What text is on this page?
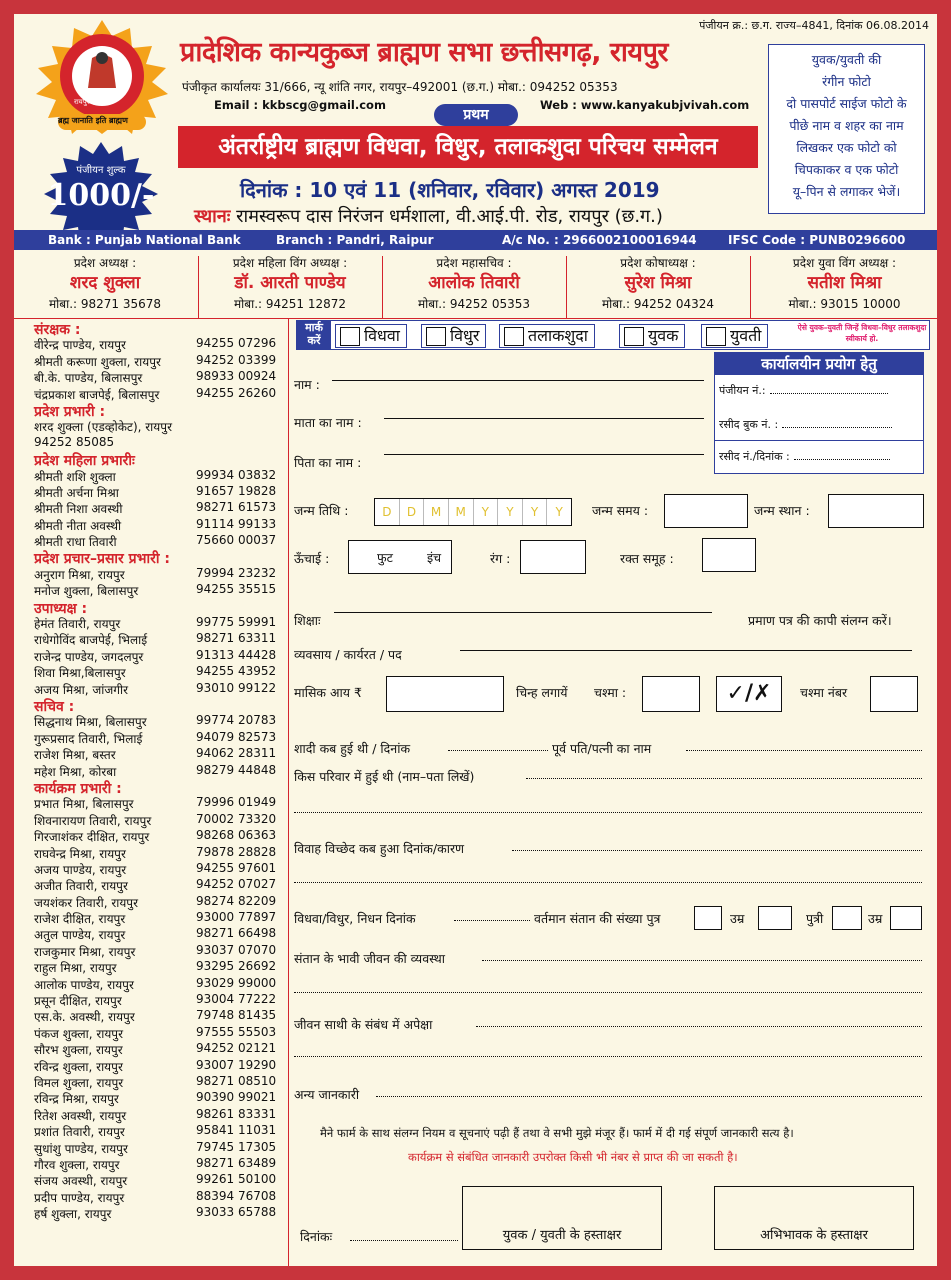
पंजीयन क्र.: छ.ग. राज्य–4841, दिनांक 06.08.2014
रायपुर (छ.ग.)
ब्रह्म जानाति इति ब्राह्मण
प्रादेशिक कान्यकुब्ज ब्राह्मण सभा छत्तीसगढ़, रायपुर
पंजीकृत कार्यालयः 31/666, न्यू शांति नगर, रायपुर–492001 (छ.ग.) मोबा.: 094252 05353
Email : kkbscg@gmail.com	Web : www.kanyakubjvivah.com
प्रथम
अंतर्राष्ट्रीय ब्राह्मण विधवा, विधुर, तलाकशुदा परिचय सम्मेलन
दिनांक : 10 एवं 11 (शनिवार, रविवार) अगस्त 2019
स्थानः रामस्वरूप दास निरंजन धर्मशाला, वी.आई.पी. रोड, रायपुर (छ.ग.)
युवक/युवती की
रंगीन फोटो
दो पासपोर्ट साईज फोटो के
पीछे नाम व शहर का नाम
लिखकर एक फोटो को
चिपकाकर व एक फोटो
यू–पिन से लगाकर भेजें।
पंजीयन शुल्क
1000/-
Bank : Punjab National Bank	Branch : Pandri, Raipur	A/c No. : 2966002100016944	IFSC Code : PUNB0296600
प्रदेश अध्यक्ष :
शरद शुक्ला
मोबा.: 98271 35678
प्रदेश महिला विंग अध्यक्ष :
डॉ. आरती पाण्डेय
मोबा.: 94251 12872
प्रदेश महासचिव :
आलोक तिवारी
मोबा.: 94252 05353
प्रदेश कोषाध्यक्ष :
सुरेश मिश्रा
मोबा.: 94252 04324
प्रदेश युवा विंग अध्यक्ष :
सतीश मिश्रा
मोबा.: 93015 10000
संरक्षक :
वीरेन्द्र पाण्डेय, रायपुर	94255 07296
श्रीमती करूणा शुक्ला, रायपुर	94252 03399
बी.के. पाण्डेय, बिलासपुर	98933 00924
चंद्रप्रकाश बाजपेई, बिलासपुर	94255 26260
प्रदेश प्रभारी :
शरद शुक्ला (एडव्होकेट), रायपुर
94252 85085
प्रदेश महिला प्रभारीः
श्रीमती शशि शुक्ला	99934 03832
श्रीमती अर्चना मिश्रा	91657 19828
श्रीमती निशा अवस्थी	98271 61573
श्रीमती नीता अवस्थी	91114 99133
श्रीमती राधा तिवारी	75660 00037
प्रदेश प्रचार–प्रसार प्रभारी :
अनुराग मिश्रा, रायपुर	79994 23232
मनोज शुक्ला, बिलासपुर	94255 35515
उपाध्यक्ष :
हेमंत तिवारी, रायपुर	99775 59991
राधेगोविंद बाजपेई, भिलाई	98271 63311
राजेन्द्र पाण्डेय, जगदलपुर	91313 44428
शिवा मिश्रा,बिलासपुर	94255 43952
अजय मिश्रा, जांजगीर	93010 99122
सचिव :
सिद्धनाथ मिश्रा, बिलासपुर	99774 20783
गुरूप्रसाद तिवारी, भिलाई	94079 82573
राजेश मिश्रा, बस्तर	94062 28311
महेश मिश्रा, कोरबा	98279 44848
कार्यक्रम प्रभारी :
प्रभात मिश्रा, बिलासपुर	79996 01949
शिवनारायण तिवारी, रायपुर	70002 73320
गिरजाशंकर दीक्षित, रायपुर	98268 06363
राघवेन्द्र मिश्रा, रायपुर	79878 28828
अजय पाण्डेय, रायपुर	94255 97601
अजीत तिवारी, रायपुर	94252 07027
जयशंकर तिवारी, रायपुर	98274 82209
राजेश दीक्षित, रायपुर	93000 77897
अतुल पाण्डेय, रायपुर	98271 66498
राजकुमार मिश्रा, रायपुर	93037 07070
राहुल मिश्रा, रायपुर	93295 26692
आलोक पाण्डेय, रायपुर	93029 99000
प्रसून दीक्षित, रायपुर	93004 77222
एस.के. अवस्थी, रायपुर	79748 81435
पंकज शुक्ला, रायपुर	97555 55503
सौरभ शुक्ला, रायपुर	94252 02121
रविन्द्र शुक्ला, रायपुर	93007 19290
विमल शुक्ला, रायपुर	98271 08510
रविन्द्र मिश्रा, रायपुर	90390 99021
रितेश अवस्थी, रायपुर	98261 83331
प्रशांत तिवारी, रायपुर	95841 11031
सुधांशु पाण्डेय, रायपुर	79745 17305
गौरव शुक्ला, रायपुर	98271 63489
संजय अवस्थी, रायपुर	99261 50100
प्रदीप पाण्डेय, रायपुर	88394 76708
हर्ष शुक्ला, रायपुर	93033 65788
मार्क
करें	विधवा	विधुर	तलाकशुदा	युवक	युवती	ऐसे युवक–युवती जिन्हें विधवा–विधुर तलाकशुदा स्वीकार्य हो.
कार्यालयीन प्रयोग हेतु
पंजीयन नं.:
रसीद बुक नं. :
रसीद नं./दिनांक :
नाम :
माता का नाम :
पिता का नाम :
जन्म तिथि :	D	D	M	M	Y	Y	Y	Y	जन्म समय :	जन्म स्थान :
ऊँचाई :	फुट	इंच	रंग :	रक्त समूह :
शिक्षाः	प्रमाण पत्र की कापी संलग्न करें।
व्यवसाय / कार्यरत / पद
मासिक आय ₹	चिन्ह लगायें चश्मा :	✓/✗	चश्मा नंबर
शादी कब हुई थी / दिनांक	पूर्व पति/पत्नी का नाम
किस परिवार में हुई थी (नाम–पता लिखें)
विवाह विच्छेद कब हुआ दिनांक/कारण
विधवा/विधुर, निधन दिनांक	वर्तमान संतान की संख्या पुत्र	उम्र	पुत्री	उम्र
संतान के भावी जीवन की व्यवस्था
जीवन साथी के संबंध में अपेक्षा
अन्य जानकारी
मैने फार्म के साथ संलग्न नियम व सूचनाएं पढ़ी हैं तथा वे सभी मुझे मंजूर हैं। फार्म में दी गई संपूर्ण जानकारी सत्य है।
कार्यक्रम से संबंधित जानकारी उपरोक्त किसी भी नंबर से प्राप्त की जा सकती है।
दिनांकः	युवक / युवती के हस्ताक्षर	अभिभावक के हस्ताक्षर
